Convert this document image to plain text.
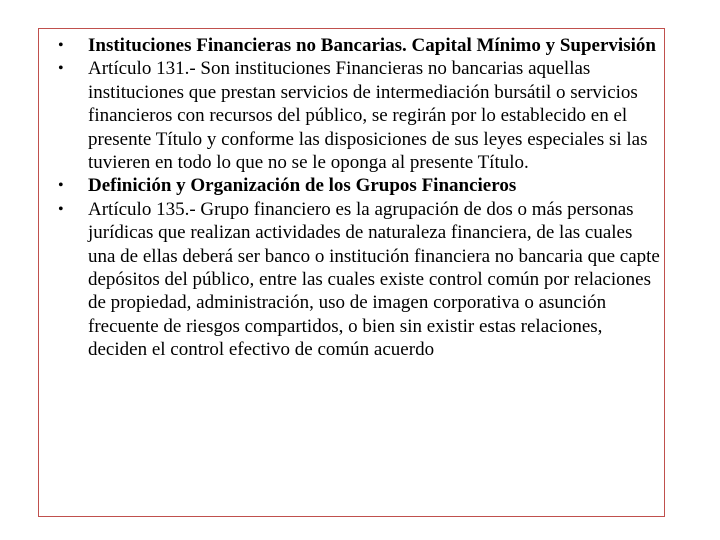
• Instituciones Financieras no Bancarias. Capital Mínimo y Supervisión
• Artículo 131.- Son instituciones Financieras no bancarias aquellas instituciones que prestan servicios de intermediación bursátil o servicios financieros con recursos del público, se regirán por lo establecido en el presente Título y conforme las disposiciones de sus leyes especiales si las tuvieren en todo lo que no se le oponga al presente Título.
• Definición y Organización de los Grupos Financieros
• Artículo 135.- Grupo financiero es la agrupación de dos o más personas jurídicas que realizan actividades de naturaleza financiera, de las cuales una de ellas deberá ser banco o institución financiera no bancaria que capte depósitos del público, entre las cuales existe control común por relaciones de propiedad, administración, uso de imagen corporativa o asunción frecuente de riesgos compartidos, o bien sin existir estas relaciones, deciden el control efectivo de común acuerdo
